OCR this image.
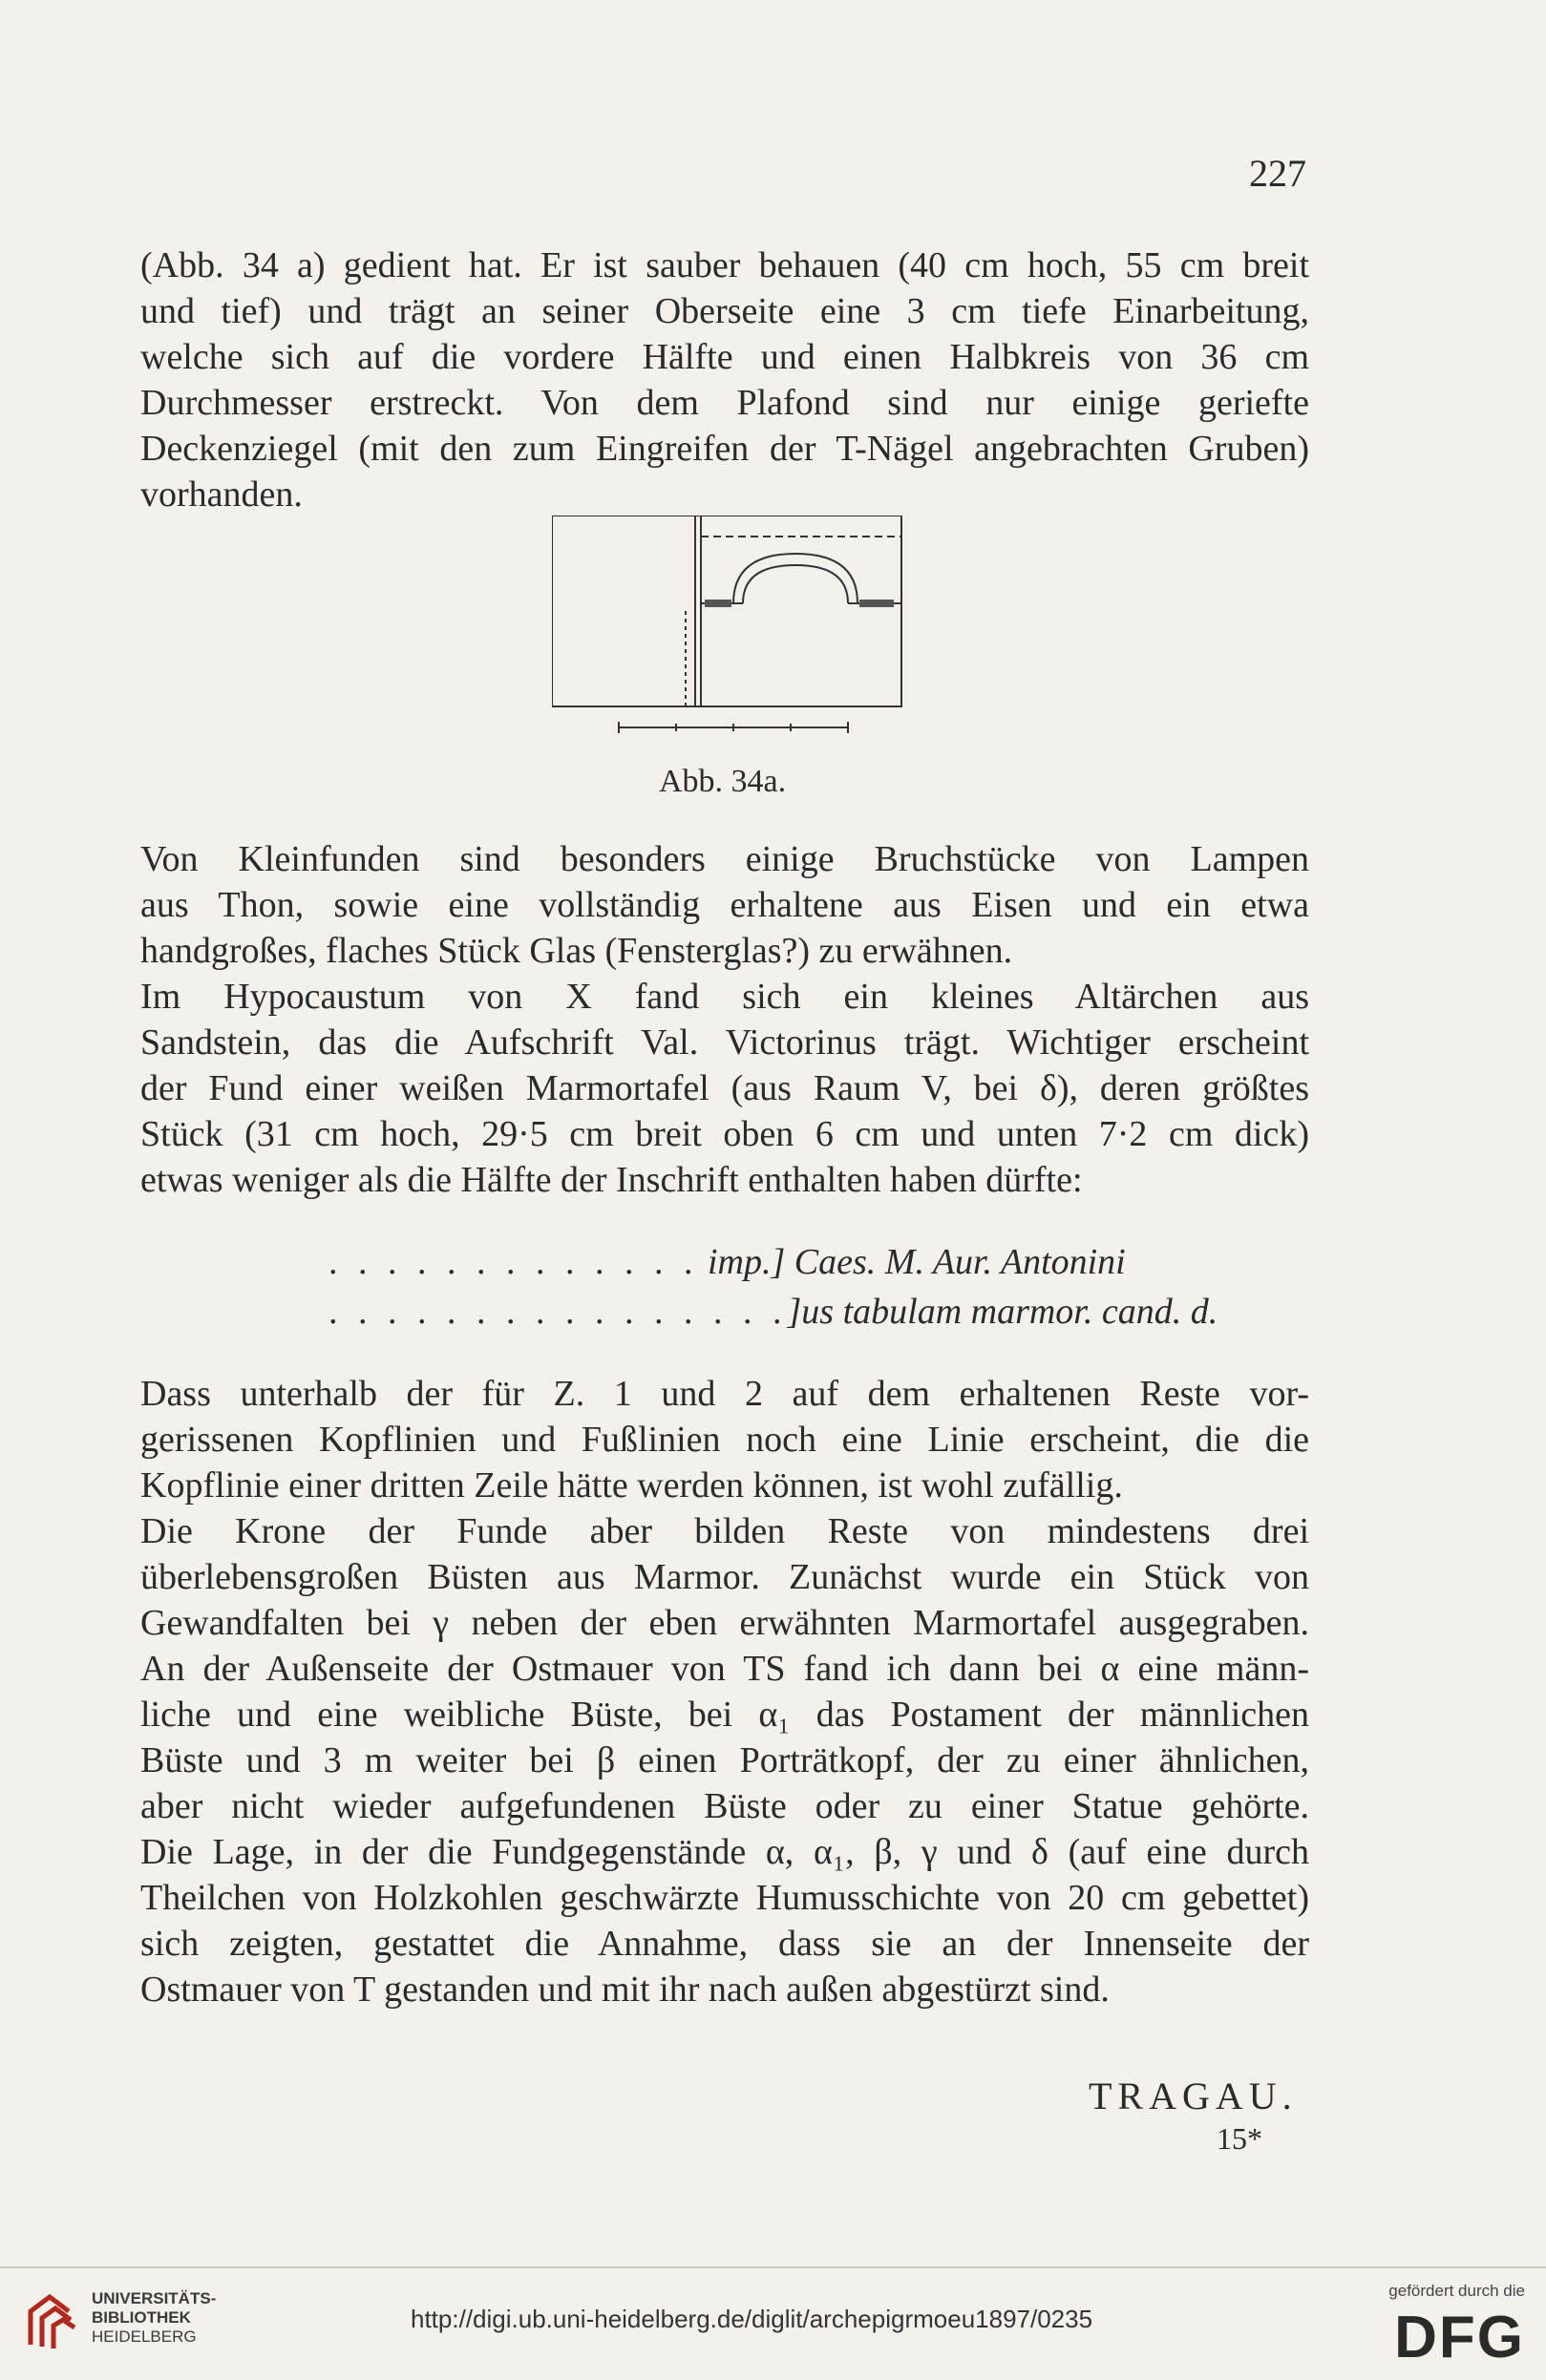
227
(Abb. 34 a) gedient hat. Er ist sauber behauen (40 cm hoch, 55 cm breit
und tief) und trägt an seiner Oberseite eine 3 cm tiefe Einarbeitung,
welche sich auf die vordere Hälfte und einen Halbkreis von 36 cm
Durchmesser erstreckt. Von dem Plafond sind nur einige geriefte
Deckenziegel (mit den zum Eingreifen der T-Nägel angebrachten Gruben)
vorhanden.
Abb. 34a.
Von Kleinfunden sind besonders einige Bruchstücke von Lampen
aus Thon, sowie eine vollständig erhaltene aus Eisen und ein etwa
handgroßes, flaches Stück Glas (Fensterglas?) zu erwähnen.
Im Hypocaustum von X fand sich ein kleines Altärchen aus
Sandstein, das die Aufschrift Val. Victorinus trägt. Wichtiger erscheint
der Fund einer weißen Marmortafel (aus Raum V, bei δ), deren größtes
Stück (31 cm hoch, 29·5 cm breit oben 6 cm und unten 7·2 cm dick)
etwas weniger als die Hälfte der Inschrift enthalten haben dürfte:
. . . . . . . . . . . . . imp.] Caes. M. Aur. Antonini
. . . . . . . . . . . . . . . .]us tabulam marmor. cand. d.
Dass unterhalb der für Z. 1 und 2 auf dem erhaltenen Reste vor-
gerissenen Kopflinien und Fußlinien noch eine Linie erscheint, die die
Kopflinie einer dritten Zeile hätte werden können, ist wohl zufällig.
Die Krone der Funde aber bilden Reste von mindestens drei
überlebensgroßen Büsten aus Marmor. Zunächst wurde ein Stück von
Gewandfalten bei γ neben der eben erwähnten Marmortafel ausgegraben.
An der Außenseite der Ostmauer von TS fand ich dann bei α eine männ-
liche und eine weibliche Büste, bei α₁ das Postament der männlichen
Büste und 3 m weiter bei β einen Porträtkopf, der zu einer ähnlichen,
aber nicht wieder aufgefundenen Büste oder zu einer Statue gehörte.
Die Lage, in der die Fundgegenstände α, α₁, β, γ und δ (auf eine durch
Theilchen von Holzkohlen geschwärzte Humusschichte von 20 cm gebettet)
sich zeigten, gestattet die Annahme, dass sie an der Innenseite der
Ostmauer von T gestanden und mit ihr nach außen abgestürzt sind.
TRAGAU.
15*
UNIVERSITÄTS-
BIBLIOTHEK
HEIDELBERG
http://digi.ub.uni-heidelberg.de/diglit/archepigrmoeu1897/0235
gefördert durch die
DFG
